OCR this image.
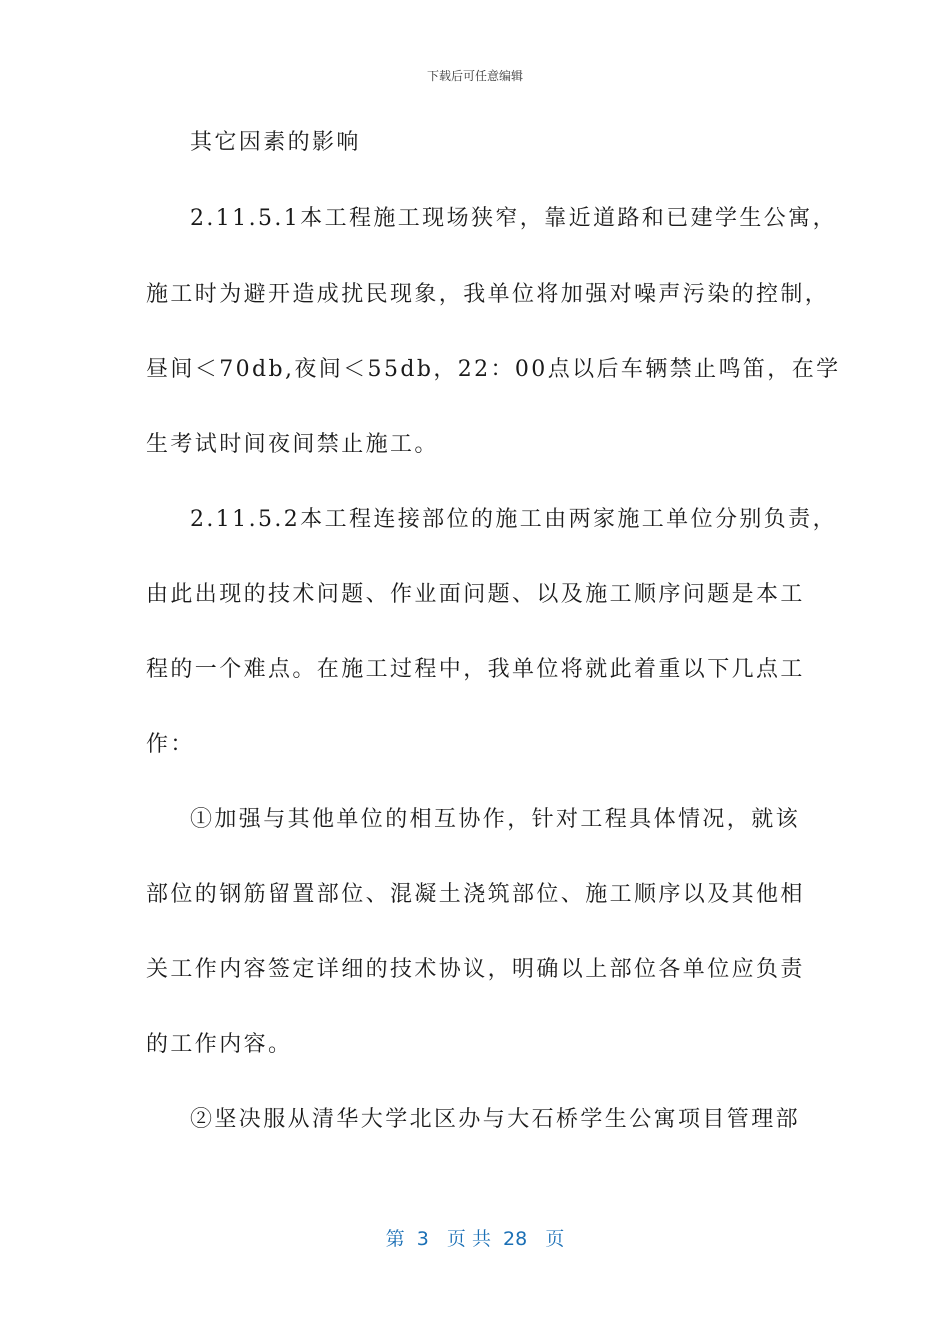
下载后可任意编辑
其它因素的影响
2.11.5.1本工程施工现场狭窄，靠近道路和已建学生公寓，
施工时为避开造成扰民现象，我单位将加强对噪声污染的控制，
昼间＜70db,夜间＜55db，22：00点以后车辆禁止鸣笛，在学
生考试时间夜间禁止施工。
2.11.5.2本工程连接部位的施工由两家施工单位分别负责，
由此出现的技术问题、作业面问题、以及施工顺序问题是本工
程的一个难点。在施工过程中，我单位将就此着重以下几点工
作：
①加强与其他单位的相互协作，针对工程具体情况，就该
部位的钢筋留置部位、混凝土浇筑部位、施工顺序以及其他相
关工作内容签定详细的技术协议，明确以上部位各单位应负责
的工作内容。
②坚决服从清华大学北区办与大石桥学生公寓项目管理部
第  3   页 共  28   页
